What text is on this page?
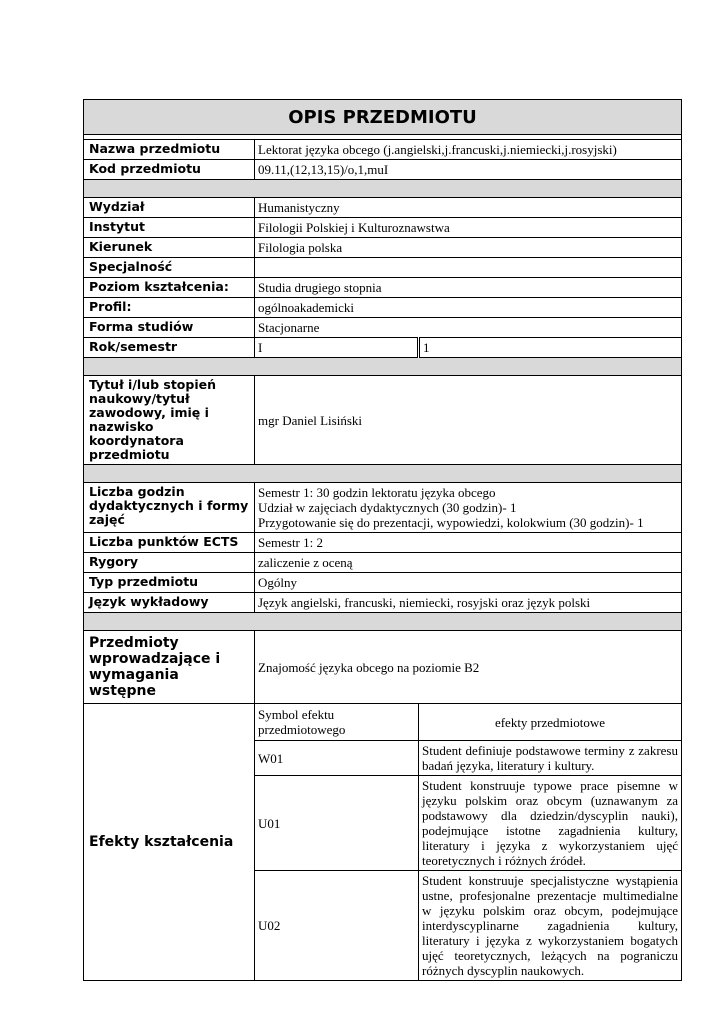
OPIS PRZEDMIOTU		

Nazwa przedmiotu	Lektorat języka obcego (j.angielski,j.francuski,j.niemiecki,j.rosyjski)	
Kod przedmiotu	09.11,(12,13,15)/o,1,muI	

Wydział	Humanistyczny	
Instytut	Filologii Polskiej i Kulturoznawstwa	
Kierunek	Filologia polska	
Specjalność		
Poziom kształcenia:	Studia drugiego stopnia	
Profil:	ogólnoakademicki	
Forma studiów	Stacjonarne	
Rok/semestr	I	1

Tytuł i/lub stopień naukowy/tytuł zawodowy, imię i nazwisko koordynatora przedmiotu	mgr Daniel Lisiński	

Liczba godzin dydaktycznych i formy zajęć	Semestr 1: 30 godzin lektoratu języka obcego
Udział w zajęciach dydaktycznych (30 godzin)- 1
Przygotowanie się do prezentacji, wypowiedzi, kolokwium (30 godzin)- 1	

Liczba punktów ECTS	Semestr 1: 2	
Rygory	zaliczenie z oceną	
Typ przedmiotu	Ogólny	
Język wykładowy	Język angielski, francuski, niemiecki, rosyjski oraz język polski	

Przedmioty wprowadzające i wymagania wstępne	Znajomość języka obcego na poziomie B2	
Efekty kształcenia	Symbol efektu przedmiotowego	efekty przedmiotowe
	W01	Student definiuje podstawowe terminy z zakresu badań języka, literatury i kultury.
	U01	Student konstruuje typowe prace pisemne w języku polskim oraz obcym (uznawanym za podstawowy dla dziedzin/dyscyplin nauki), podejmujące istotne zagadnienia kultury, literatury i języka z wykorzystaniem ujęć teoretycznych i różnych źródeł.
	U02	Student konstruuje specjalistyczne wystąpienia ustne, profesjonalne prezentacje multimedialne w języku polskim oraz obcym, podejmujące interdyscyplinarne zagadnienia kultury, literatury i języka z wykorzystaniem bogatych ujęć teoretycznych, leżących na pograniczu różnych dyscyplin naukowych.
